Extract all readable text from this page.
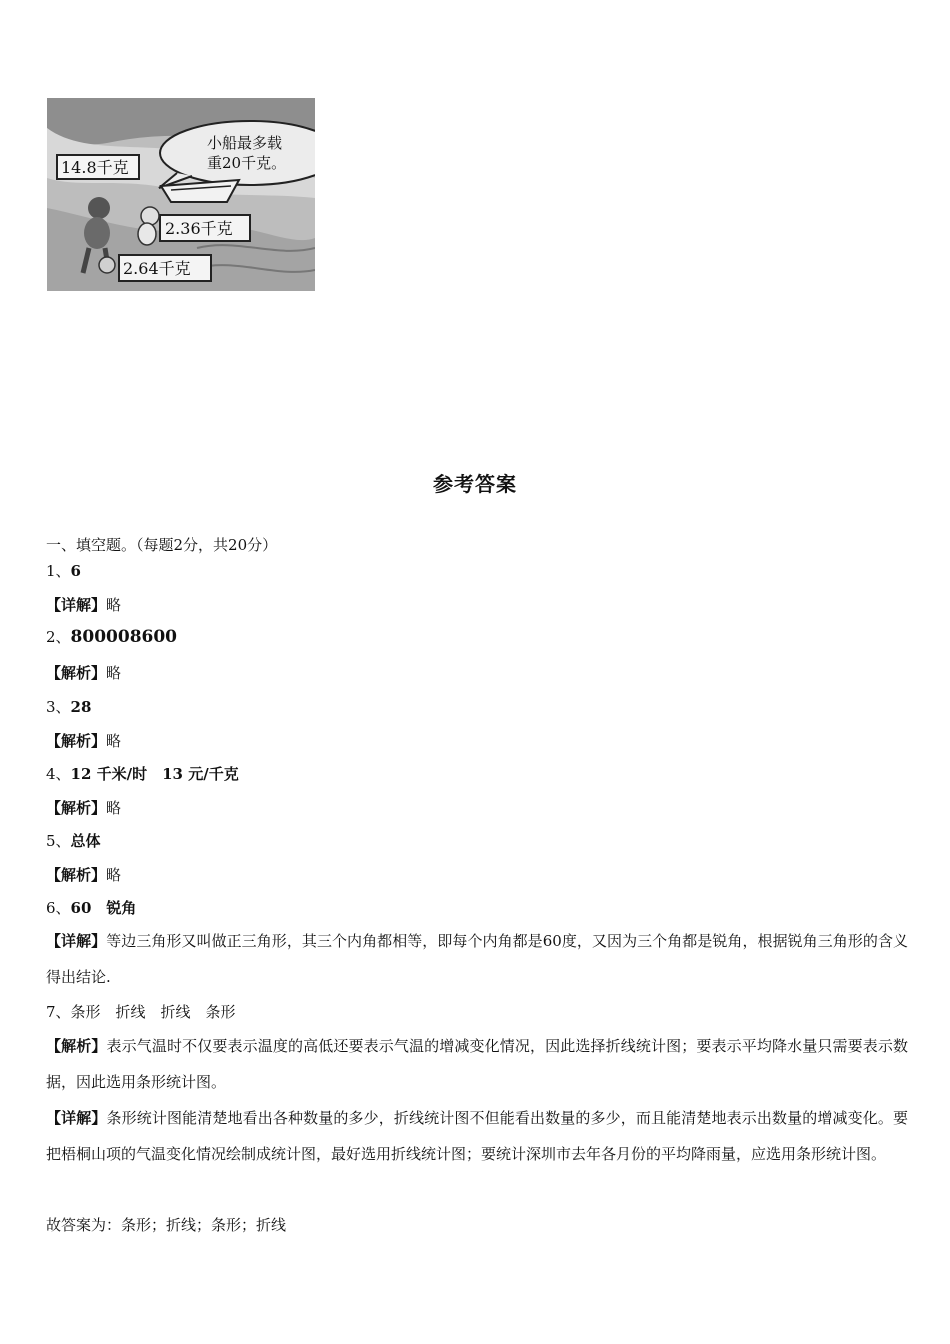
小船最多载
重20千克。
14.8千克
2.36千克
2.64千克
参考答案
一、填空题。（每题2分，共20分）
1、6
【详解】略
2、800008600
【解析】略
3、28
【解析】略
4、12 千米/时　13 元/千克
【解析】略
5、总体
【解析】略
6、60　锐角
【详解】等边三角形又叫做正三角形，其三个内角都相等，即每个内角都是60度，又因为三个角都是锐角，根据锐角三角形的含义得出结论.
7、条形　折线　折线　条形
【解析】表示气温时不仅要表示温度的高低还要表示气温的增减变化情况，因此选择折线统计图；要表示平均降水量只需要表示数据，因此选用条形统计图。
【详解】条形统计图能清楚地看出各种数量的多少，折线统计图不但能看出数量的多少，而且能清楚地表示出数量的增减变化。要把梧桐山项的气温变化情况绘制成统计图，最好选用折线统计图；要统计深圳市去年各月份的平均降雨量，应选用条形统计图。
故答案为：条形；折线；条形；折线
